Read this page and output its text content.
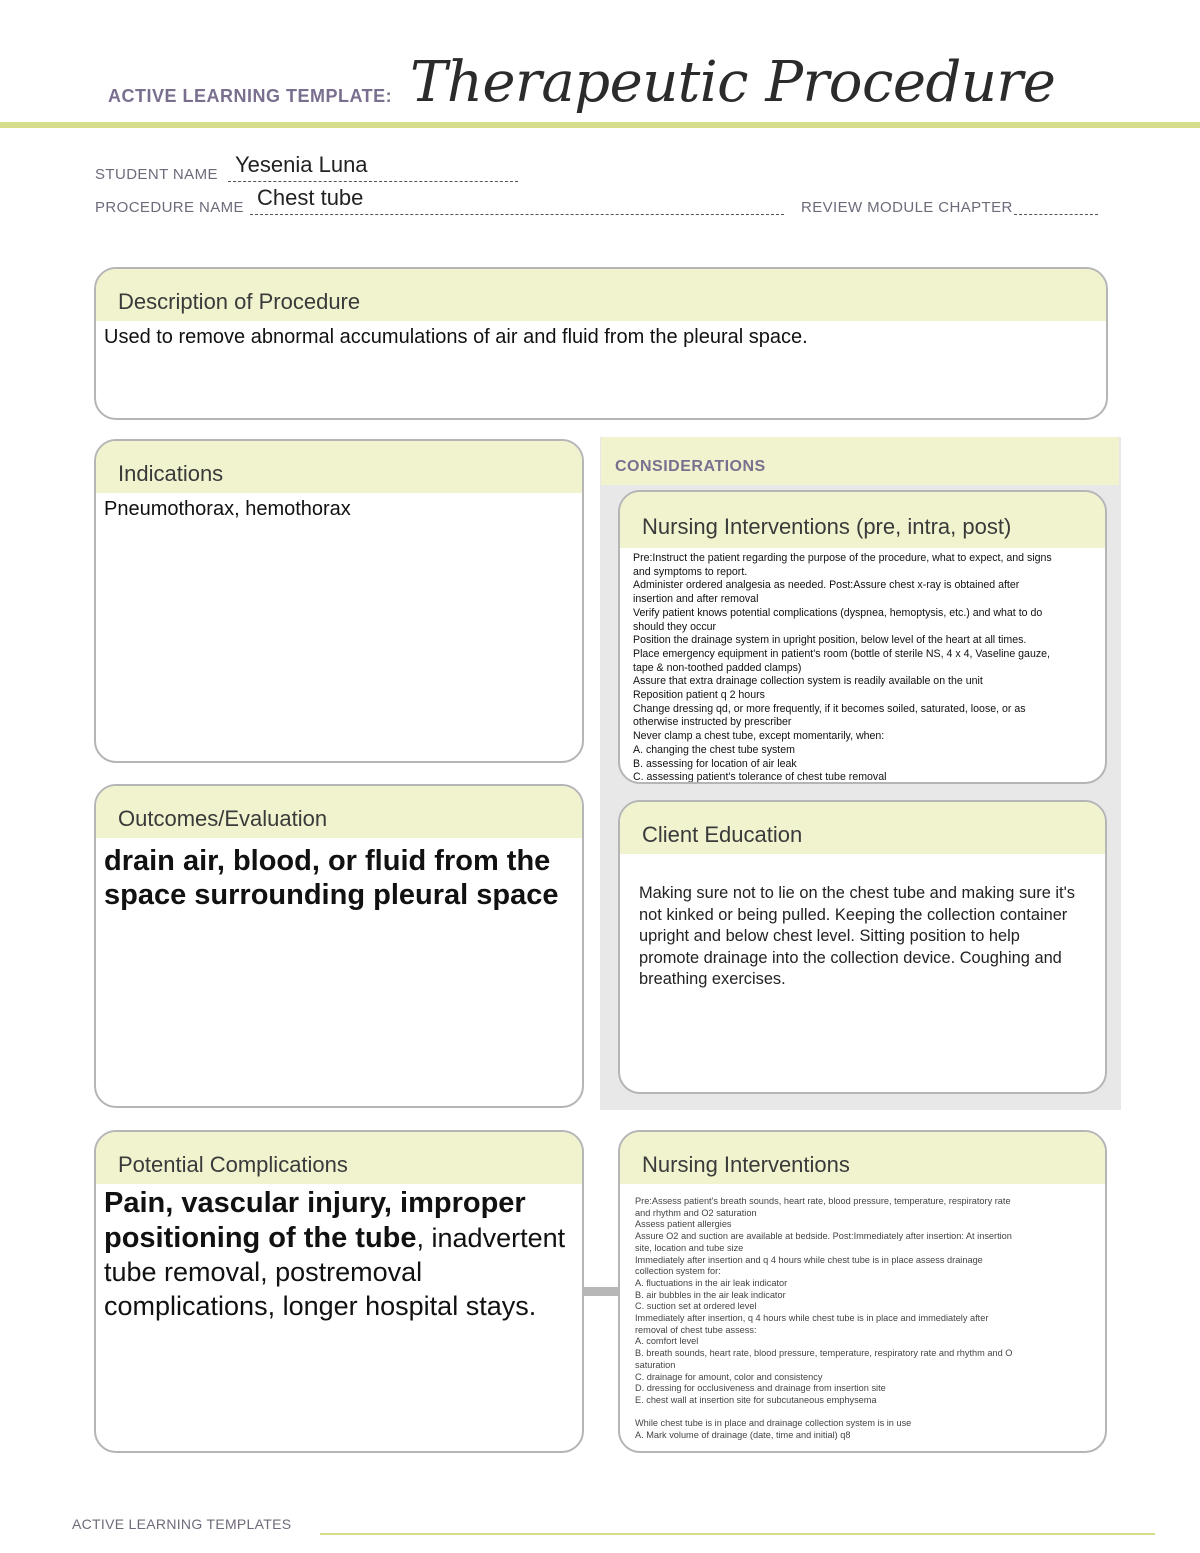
ACTIVE LEARNING TEMPLATE: Therapeutic Procedure
STUDENT NAME Yesenia Luna
PROCEDURE NAME Chest tube	REVIEW MODULE CHAPTER
Description of Procedure
Used to remove abnormal accumulations of air and fluid from the pleural space.
Indications
Pneumothorax, hemothorax
CONSIDERATIONS
Nursing Interventions (pre, intra, post)
Pre:Instruct the patient regarding the purpose of the procedure, what to expect, and signs
and symptoms to report.
Administer ordered analgesia as needed. Post:Assure chest x-ray is obtained after
insertion and after removal
Verify patient knows potential complications (dyspnea, hemoptysis, etc.) and what to do
should they occur
Position the drainage system in upright position, below level of the heart at all times.
Place emergency equipment in patient's room (bottle of sterile NS, 4 x 4, Vaseline gauze,
tape & non-toothed padded clamps)
Assure that extra drainage collection system is readily available on the unit
Reposition patient q 2 hours
Change dressing qd, or more frequently, if it becomes soiled, saturated, loose, or as
otherwise instructed by prescriber
Never clamp a chest tube, except momentarily, when:
A. changing the chest tube system
B. assessing for location of air leak
C. assessing patient's tolerance of chest tube removal
Outcomes/Evaluation
drain air, blood, or fluid from the space surrounding pleural space
Client Education
Making sure not to lie on the chest tube and making sure it's not kinked or being pulled. Keeping the collection container upright and below chest level. Sitting position to help promote drainage into the collection device. Coughing and breathing exercises.
Potential Complications
Pain, vascular injury, improper positioning of the tube, inadvertent tube removal, postremoval complications, longer hospital stays.
Nursing Interventions
Pre:Assess patient's breath sounds, heart rate, blood pressure, temperature, respiratory rate
and rhythm and O2 saturation
Assess patient allergies
Assure O2 and suction are available at bedside. Post:Immediately after insertion: At insertion
site, location and tube size
Immediately after insertion and q 4 hours while chest tube is in place assess drainage
collection system for:
A. fluctuations in the air leak indicator
B. air bubbles in the air leak indicator
C. suction set at ordered level
Immediately after insertion, q 4 hours while chest tube is in place and immediately after
removal of chest tube assess:
A. comfort level
B. breath sounds, heart rate, blood pressure, temperature, respiratory rate and rhythm and O
saturation
C. drainage for amount, color and consistency
D. dressing for occlusiveness and drainage from insertion site
E. chest wall at insertion site for subcutaneous emphysema
While chest tube is in place and drainage collection system is in use
A. Mark volume of drainage (date, time and initial) q8
ACTIVE LEARNING TEMPLATES
